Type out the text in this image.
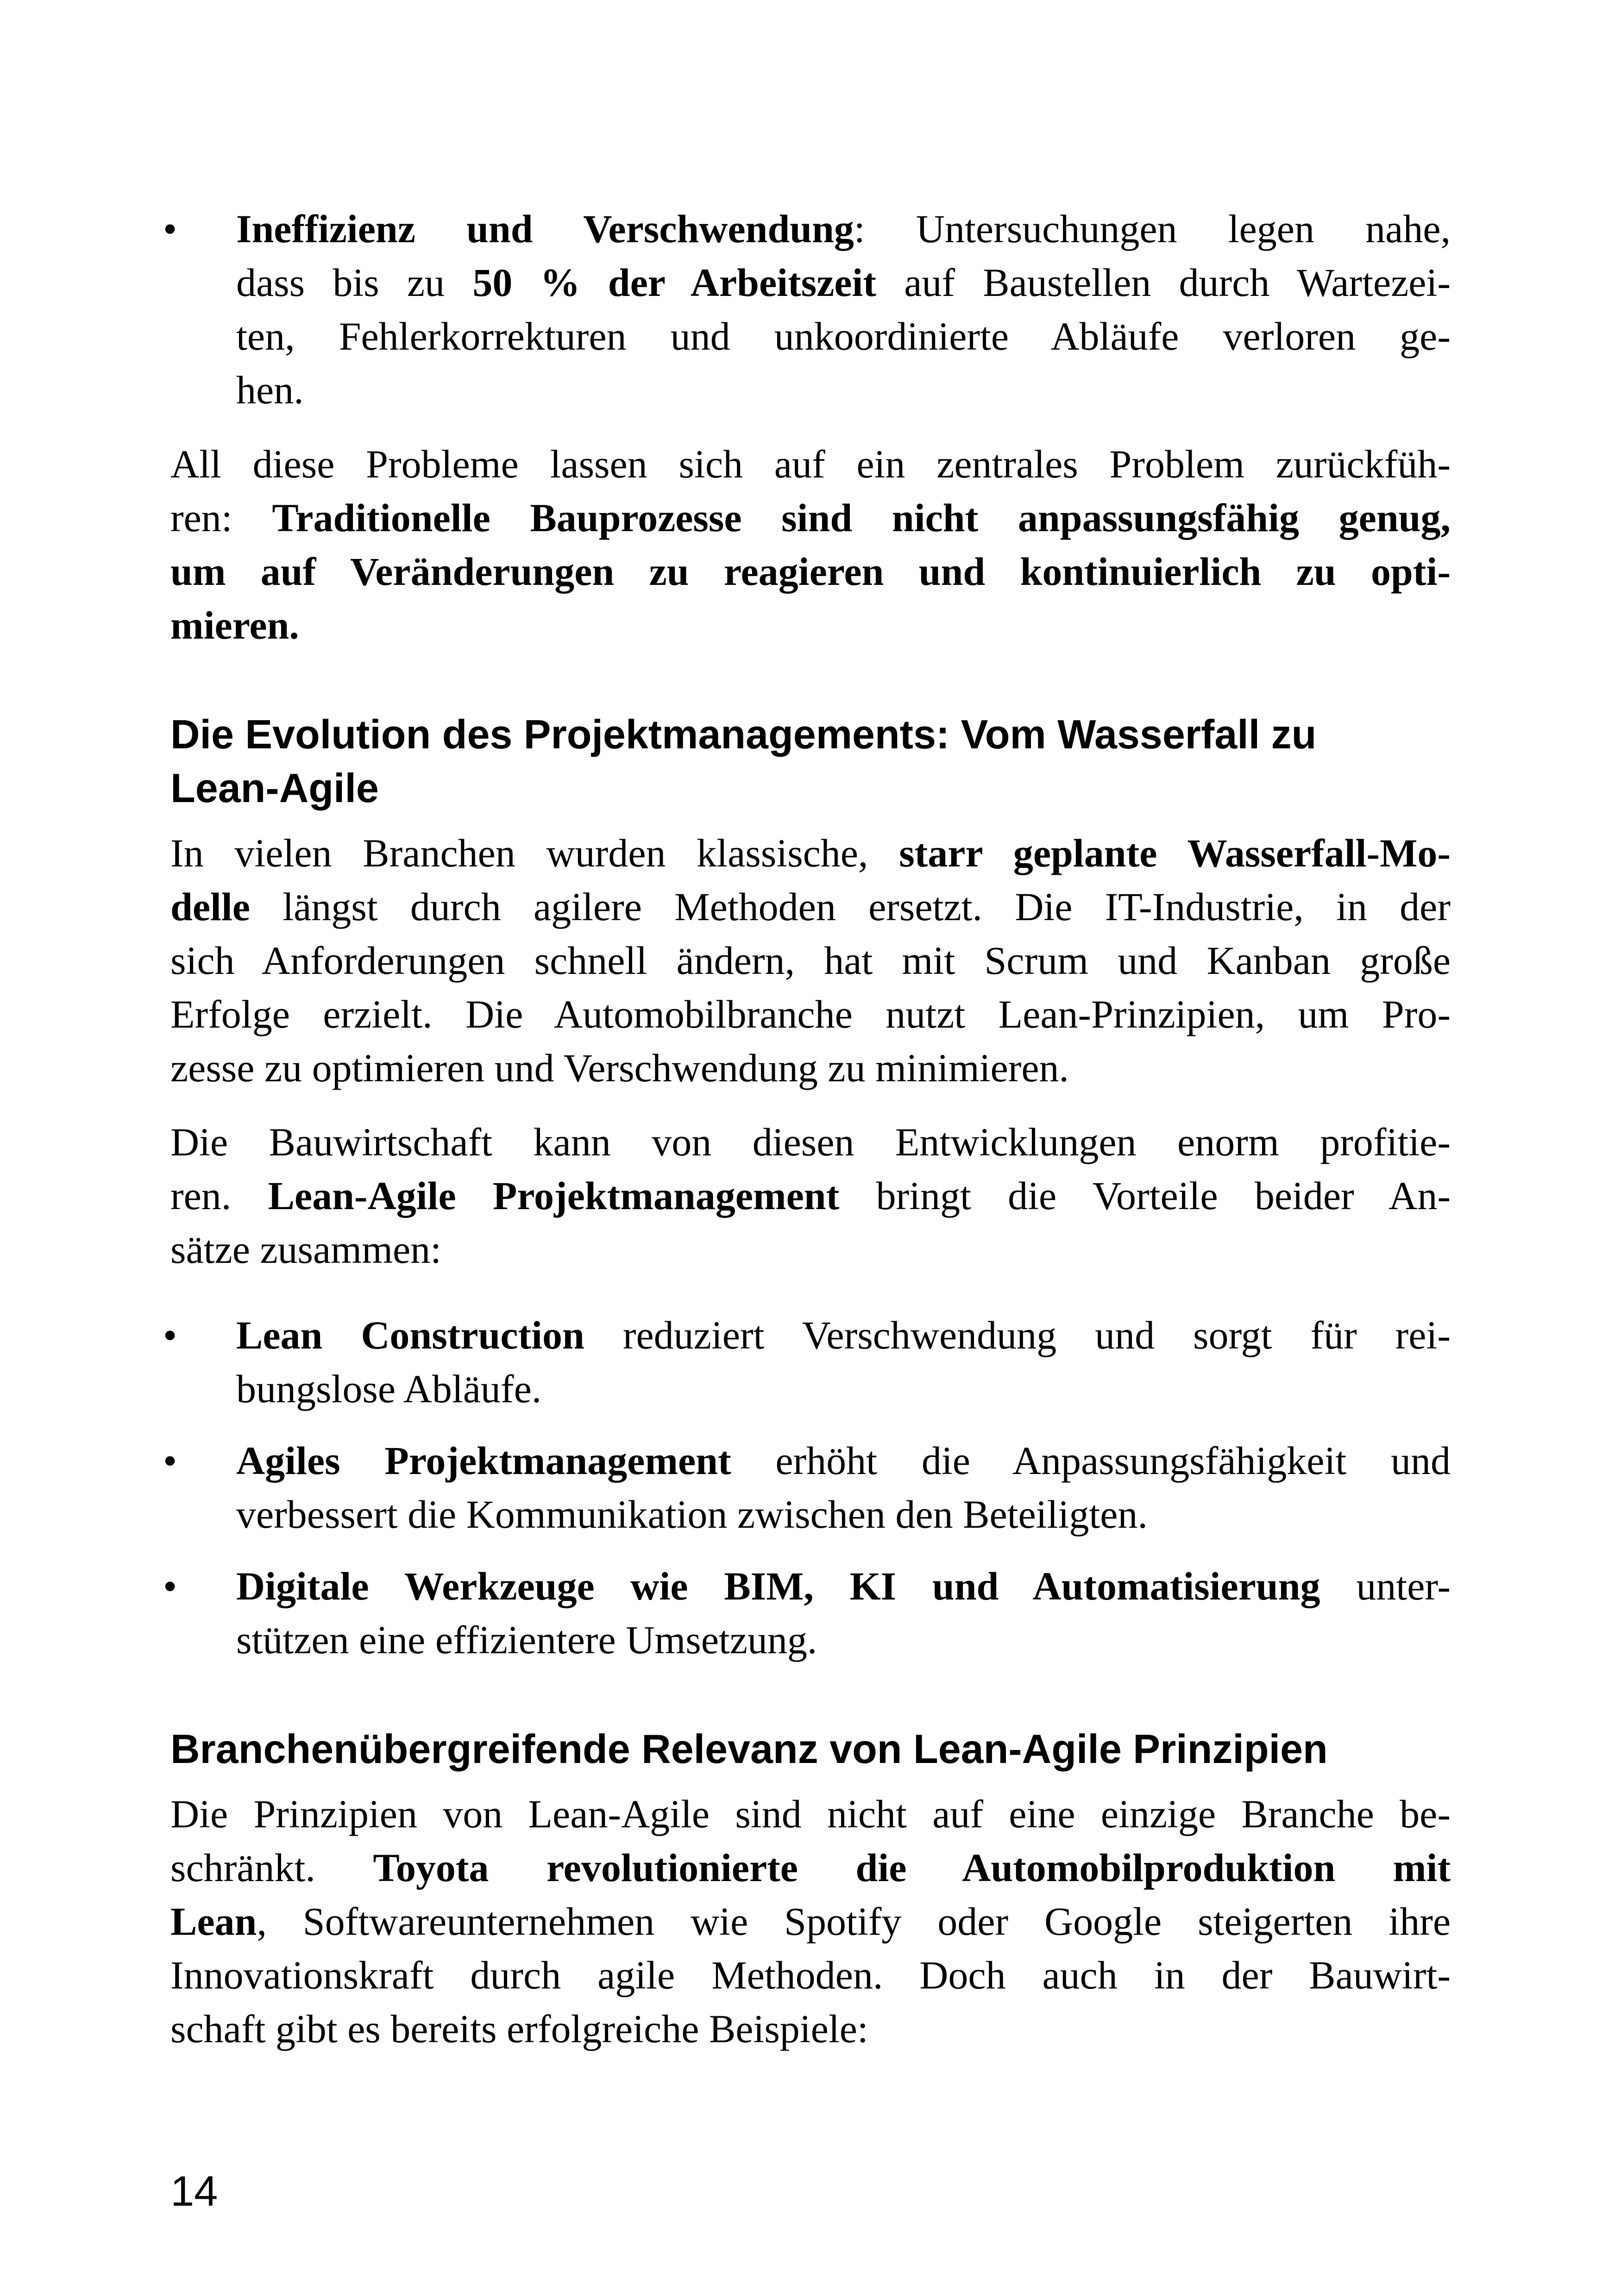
•	Ineffizienz und Verschwendung: Untersuchungen legen nahe,
dass bis zu 50 % der Arbeitszeit auf Baustellen durch Wartezei-
ten, Fehlerkorrekturen und unkoordinierte Abläufe verloren ge-
hen.
All diese Probleme lassen sich auf ein zentrales Problem zurückfüh-
ren: Traditionelle Bauprozesse sind nicht anpassungsfähig genug,
um auf Veränderungen zu reagieren und kontinuierlich zu opti-
mieren.
Die Evolution des Projektmanagements: Vom Wasserfall zu
Lean-Agile
In vielen Branchen wurden klassische, starr geplante Wasserfall-Mo-
delle längst durch agilere Methoden ersetzt. Die IT-Industrie, in der
sich Anforderungen schnell ändern, hat mit Scrum und Kanban große
Erfolge erzielt. Die Automobilbranche nutzt Lean-Prinzipien, um Pro-
zesse zu optimieren und Verschwendung zu minimieren.
Die Bauwirtschaft kann von diesen Entwicklungen enorm profitie-
ren. Lean-Agile Projektmanagement bringt die Vorteile beider An-
sätze zusammen:
•	Lean Construction reduziert Verschwendung und sorgt für rei-
bungslose Abläufe.
•	Agiles Projektmanagement erhöht die Anpassungsfähigkeit und
verbessert die Kommunikation zwischen den Beteiligten.
•	Digitale Werkzeuge wie BIM, KI und Automatisierung unter-
stützen eine effizientere Umsetzung.
Branchenübergreifende Relevanz von Lean-Agile Prinzipien
Die Prinzipien von Lean-Agile sind nicht auf eine einzige Branche be-
schränkt. Toyota revolutionierte die Automobilproduktion mit
Lean, Softwareunternehmen wie Spotify oder Google steigerten ihre
Innovationskraft durch agile Methoden. Doch auch in der Bauwirt-
schaft gibt es bereits erfolgreiche Beispiele:
14
